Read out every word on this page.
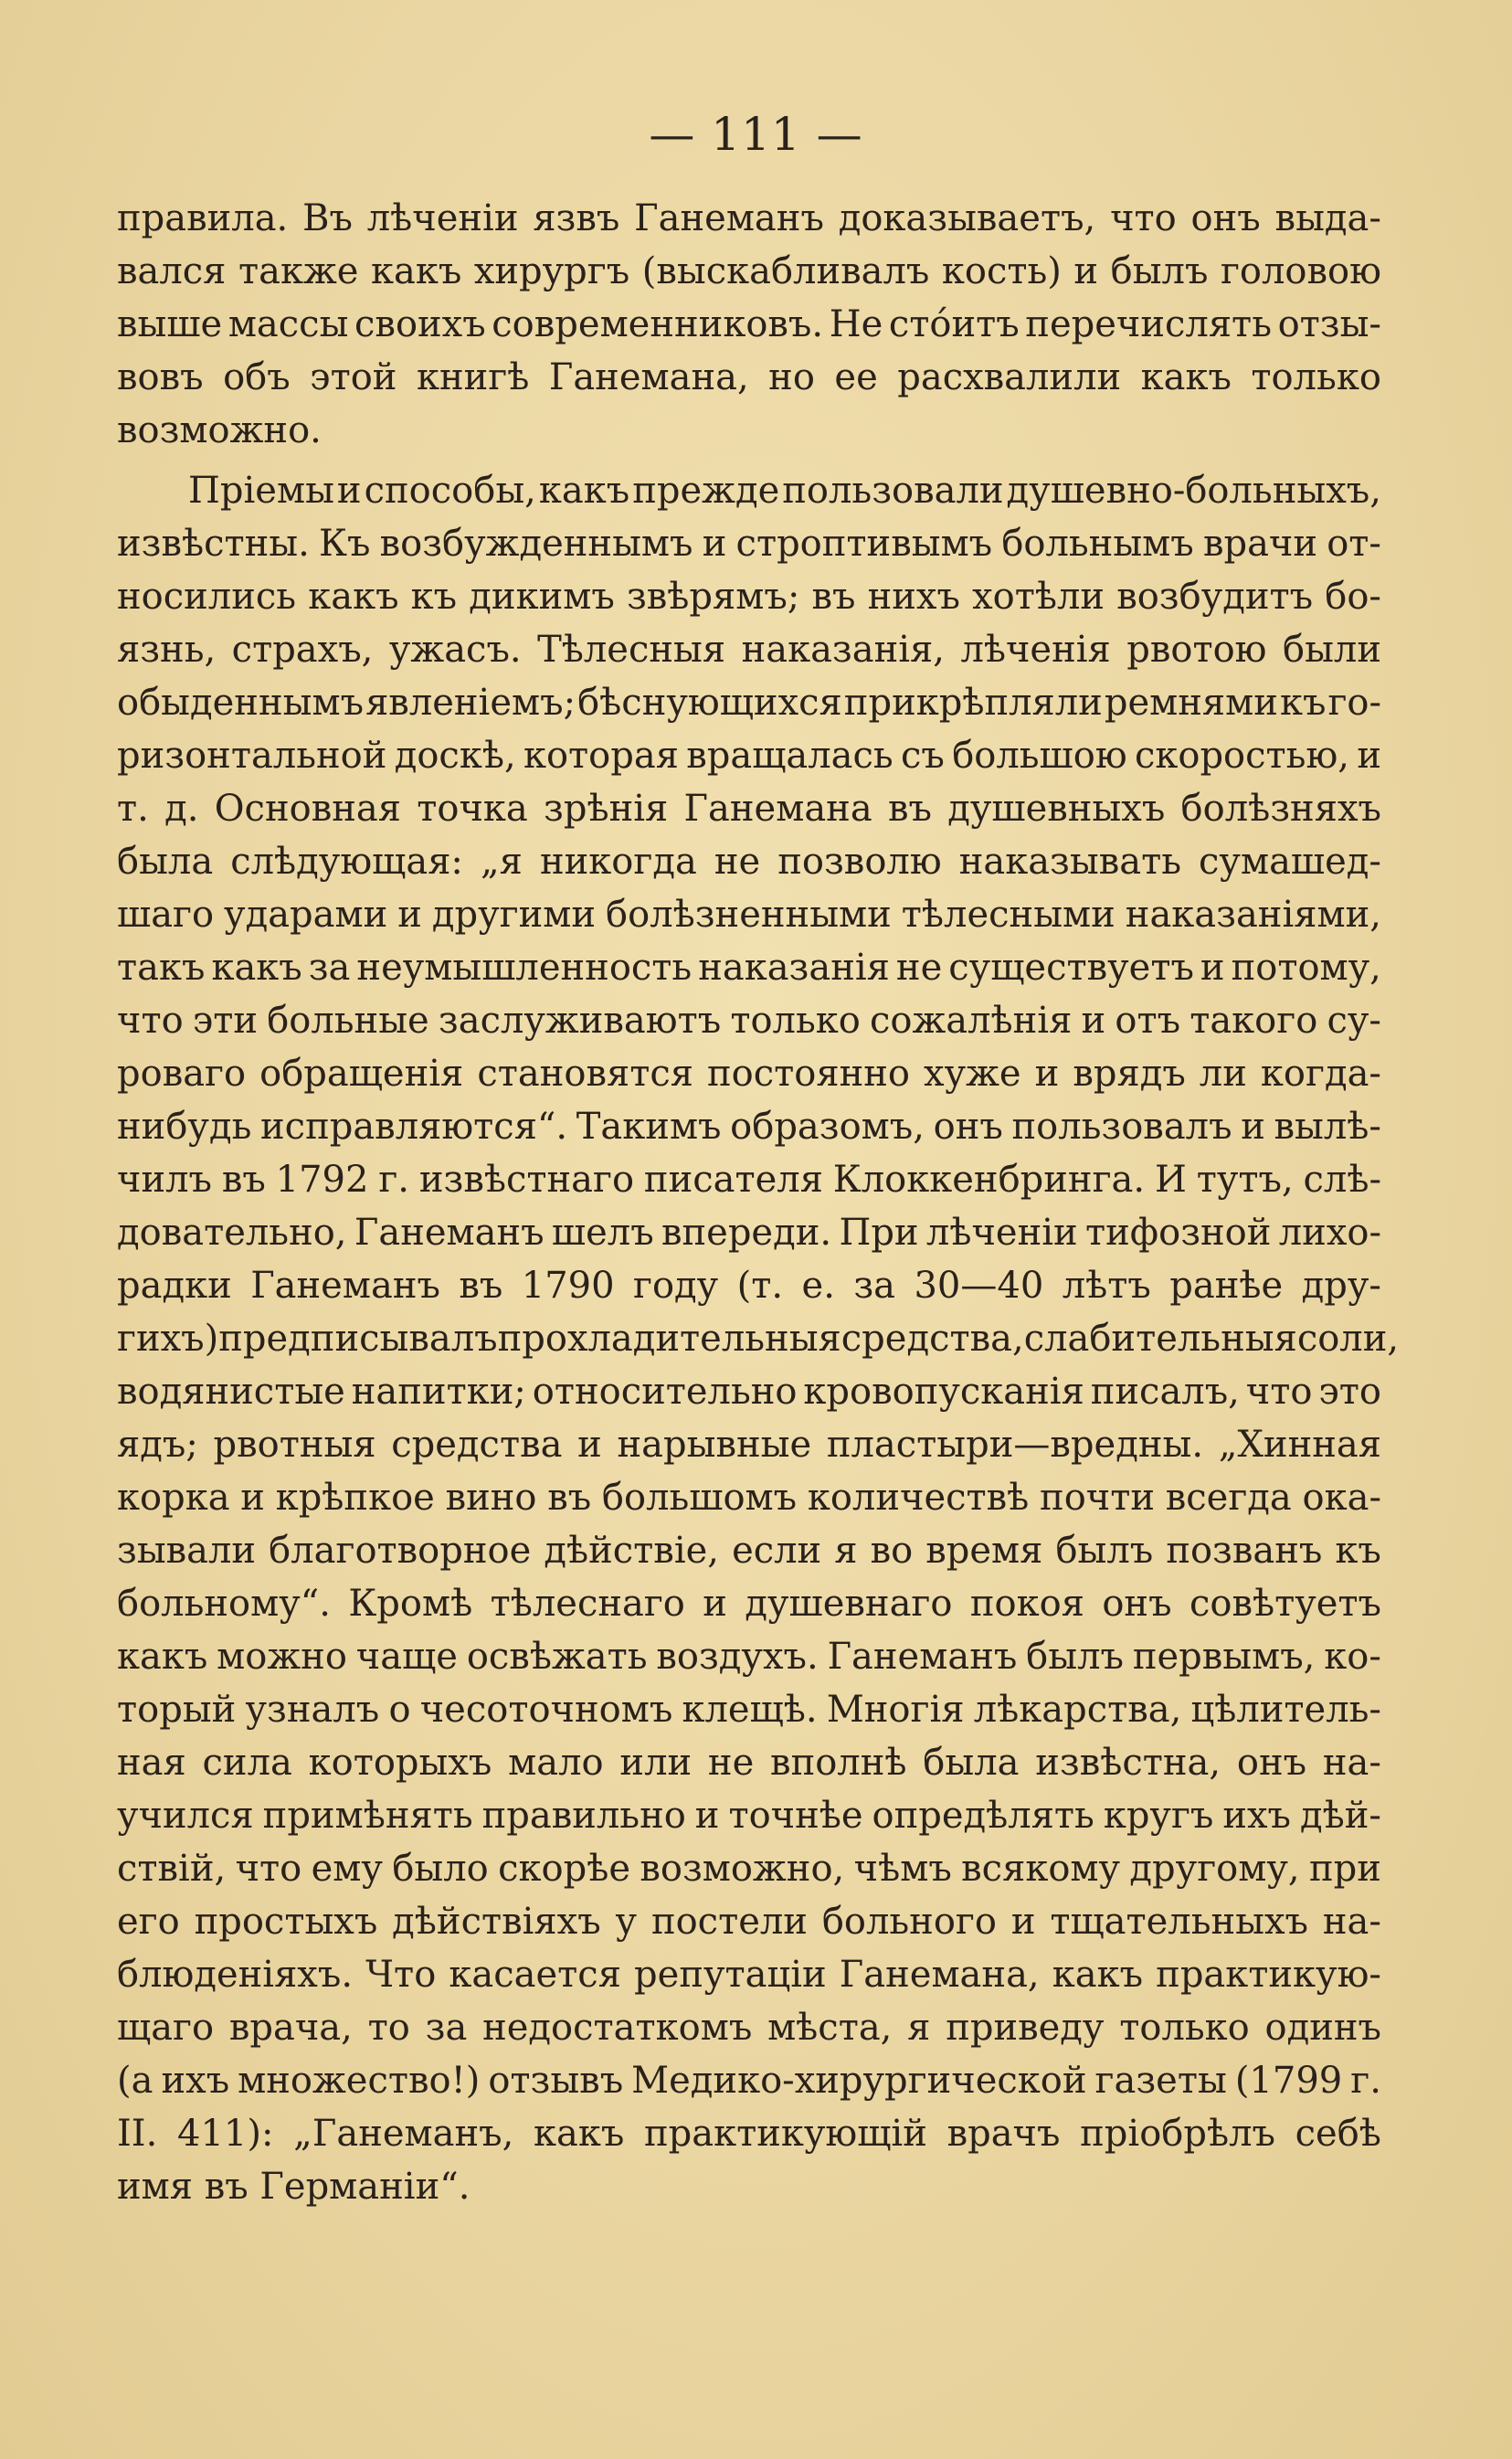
— 111 —
правила. Въ лѣченіи язвъ Ганеманъ доказываетъ, что онъ выда-
вался также какъ хирургъ (выскабливалъ кость) и былъ головою
выше массы своихъ современниковъ. Не стóитъ перечислять отзы-
вовъ объ этой книгѣ Ганемана, но ее расхвалили какъ только
возможно.
Пріемы и способы, какъ прежде пользовали душевно-больныхъ,
извѣстны. Къ возбужденнымъ и строптивымъ больнымъ врачи от-
носились какъ къ дикимъ звѣрямъ; въ нихъ хотѣли возбудитъ бо-
язнь, страхъ, ужасъ. Тѣлесныя наказанія, лѣченія рвотою были
обыденнымъ явленіемъ; бѣснующихся прикрѣпляли ремнями къ го-
ризонтальной доскѣ, которая вращалась съ большою скоростью, и
т. д. Основная точка зрѣнія Ганемана въ душевныхъ болѣзняхъ
была слѣдующая: „я никогда не позволю наказывать сумашед-
шаго ударами и другими болѣзненными тѣлесными наказаніями,
такъ какъ за неумышленность наказанія не существуетъ и потому,
что эти больные заслуживаютъ только сожалѣнія и отъ такого су-
роваго обращенія становятся постоянно хуже и врядъ ли когда-
нибудь исправляются“. Такимъ образомъ, онъ пользовалъ и вылѣ-
чилъ въ 1792 г. извѣстнаго писателя Клоккенбринга. И тутъ, слѣ-
довательно, Ганеманъ шелъ впереди. При лѣченіи тифозной лихо-
радки Ганеманъ въ 1790 году (т. е. за 30—40 лѣтъ ранѣе дру-
гихъ) предписывалъ прохладительныя средства, слабительныя соли,
водянистые напитки; относительно кровопусканія писалъ, что это
ядъ; рвотныя средства и нарывные пластыри—вредны. „Хинная
корка и крѣпкое вино въ большомъ количествѣ почти всегда ока-
зывали благотворное дѣйствіе, если я во время былъ позванъ къ
больному“. Кромѣ тѣлеснаго и душевнаго покоя онъ совѣтуетъ
какъ можно чаще освѣжать воздухъ. Ганеманъ былъ первымъ, ко-
торый узналъ о чесоточномъ клещѣ. Многія лѣкарства, цѣлитель-
ная сила которыхъ мало или не вполнѣ была извѣстна, онъ на-
учился примѣнять правильно и точнѣе опредѣлять кругъ ихъ дѣй-
ствій, что ему было скорѣе возможно, чѣмъ всякому другому, при
его простыхъ дѣйствіяхъ у постели больного и тщательныхъ на-
блюденіяхъ. Что касается репутаціи Ганемана, какъ практикую-
щаго врача, то за недостаткомъ мѣста, я приведу только одинъ
(а ихъ множество!) отзывъ Медико-хирургической газеты (1799 г.
II. 411): „Ганеманъ, какъ практикующій врачъ пріобрѣлъ себѣ
имя въ Германіи“.
